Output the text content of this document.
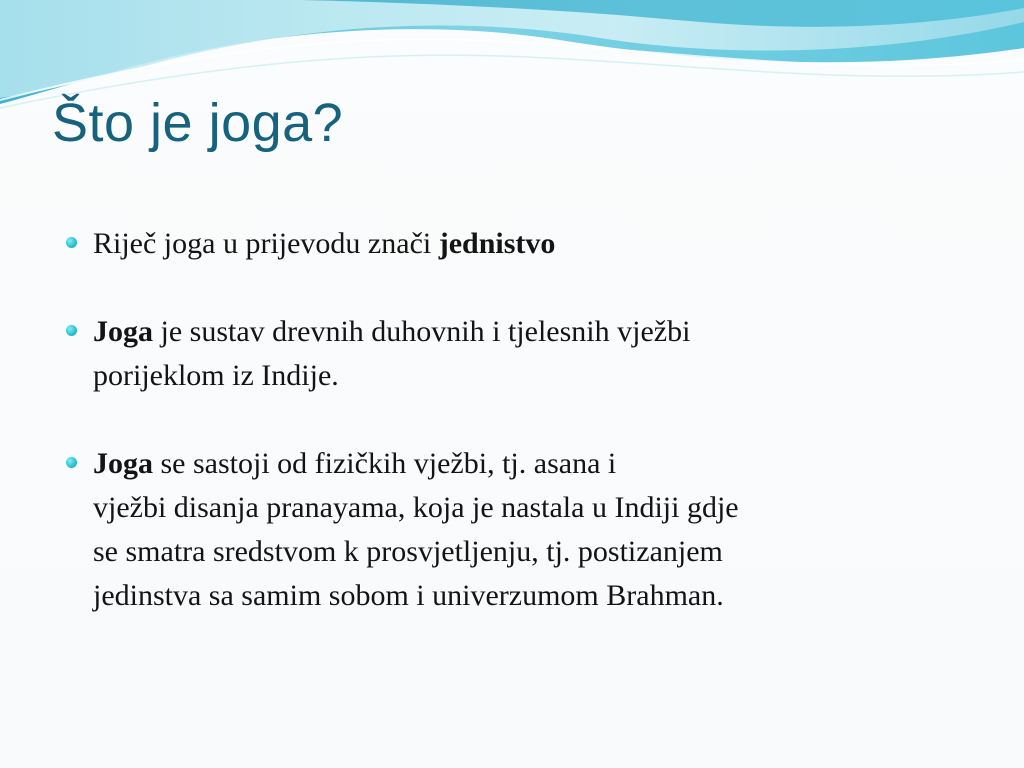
Što je joga?
Riječ joga u prijevodu znači jednistvo
Joga je sustav drevnih duhovnih i tjelesnih vježbi
porijeklom iz Indije.
Joga se sastoji od fizičkih vježbi, tj. asana i
vježbi disanja pranayama, koja je nastala u Indiji gdje
se smatra sredstvom k prosvjetljenju, tj. postizanjem
jedinstva sa samim sobom i univerzumom Brahman.
